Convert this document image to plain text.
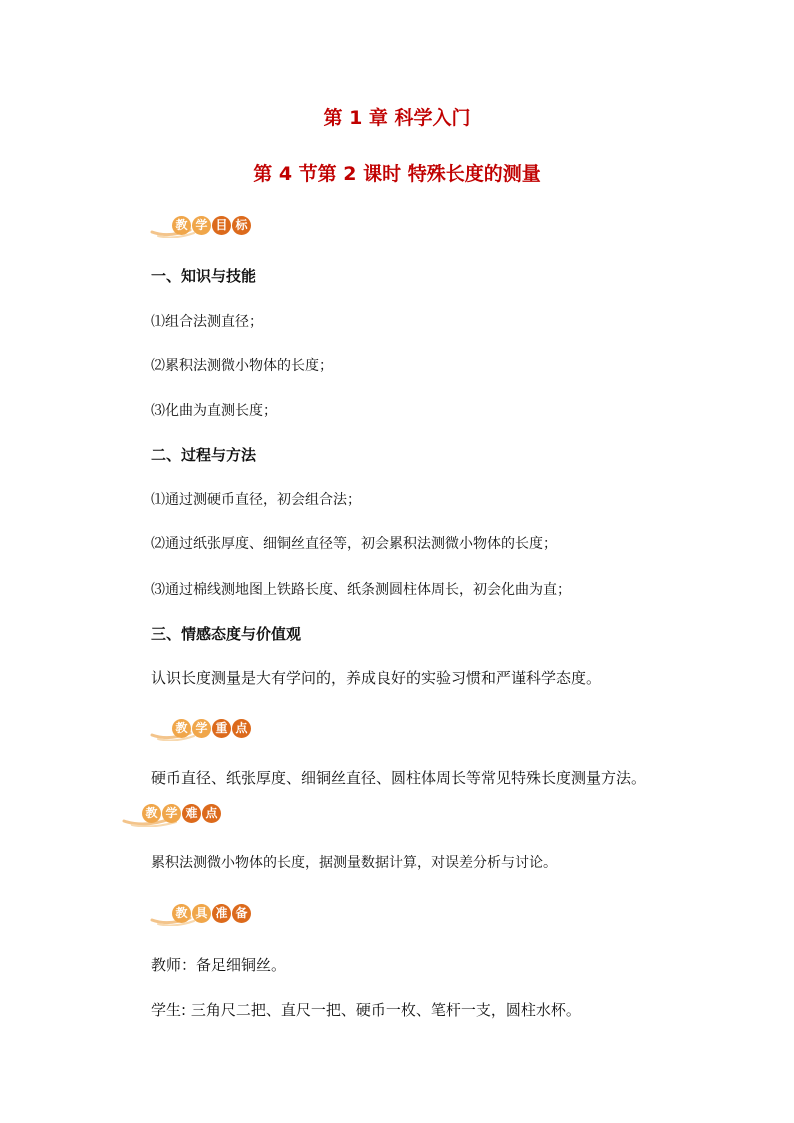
第 1 章 科学入门
第 4 节第 2 课时 特殊长度的测量
教 学 目 标

一、知识与技能

⑴组合法测直径；

⑵累积法测微小物体的长度；

⑶化曲为直测长度；

二、过程与方法

⑴通过测硬币直径，初会组合法；

⑵通过纸张厚度、细铜丝直径等，初会累积法测微小物体的长度；

⑶通过棉线测地图上铁路长度、纸条测圆柱体周长，初会化曲为直；

三、情感态度与价值观

认识长度测量是大有学问的，养成良好的实验习惯和严谨科学态度。

教 学 重 点

硬币直径、纸张厚度、细铜丝直径、圆柱体周长等常见特殊长度测量方法。

教 学 难 点

累积法测微小物体的长度，据测量数据计算，对误差分析与讨论。

教 具 准 备

教师：备足细铜丝。

学生: 三角尺二把、直尺一把、硬币一枚、笔杆一支，圆柱水杯。
